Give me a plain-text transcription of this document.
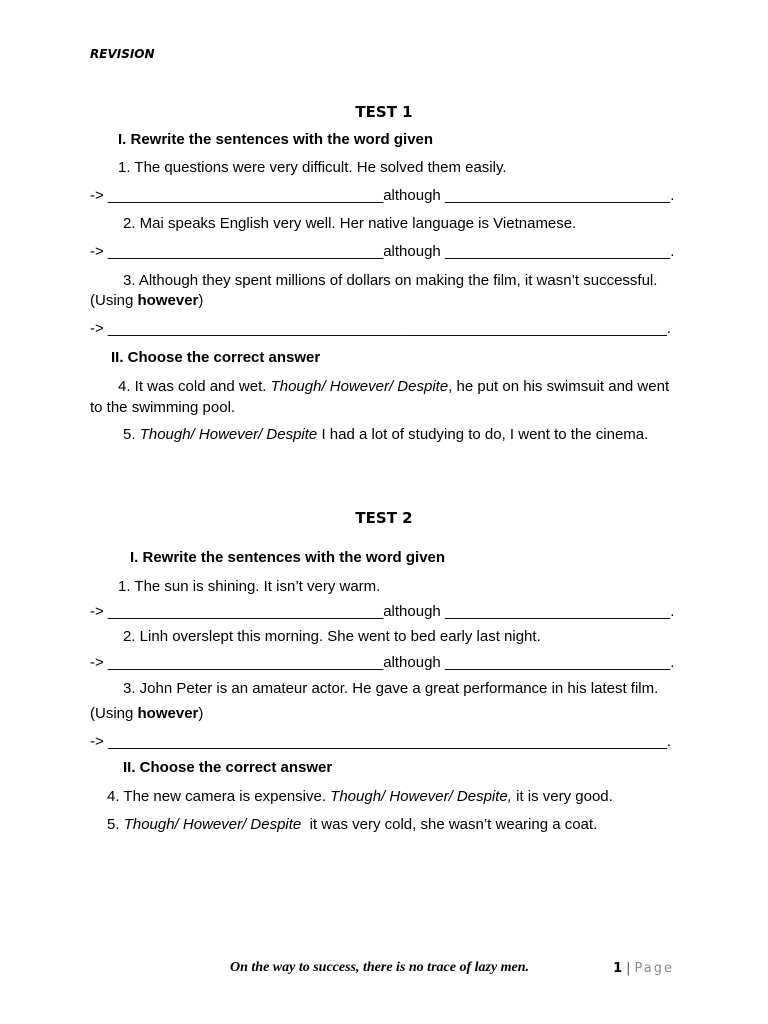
REVISION
TEST 1
I. Rewrite the sentences with the word given
1. The questions were very difficult. He solved them easily.
-> _________________________________although ___________________________.
2. Mai speaks English very well. Her native language is Vietnamese.
-> _________________________________although ___________________________.
3. Although they spent millions of dollars on making the film, it wasn’t successful.
(Using however)
-> ___________________________________________________________________.
II. Choose the correct answer
4. It was cold and wet. Though/ However/ Despite, he put on his swimsuit and went to the swimming pool.
5. Though/ However/ Despite I had a lot of studying to do, I went to the cinema.
TEST 2
I. Rewrite the sentences with the word given
1. The sun is shining. It isn’t very warm.
-> _________________________________although ___________________________.
2. Linh overslept this morning. She went to bed early last night.
-> _________________________________although ___________________________.
3. John Peter is an amateur actor. He gave a great performance in his latest film.
(Using however)
-> ___________________________________________________________________.
II. Choose the correct answer
4. The new camera is expensive. Though/ However/ Despite, it is very good.
5. Though/ However/ Despite  it was very cold, she wasn’t wearing a coat.
On the way to success, there is no trace of lazy men.	1 | Page
